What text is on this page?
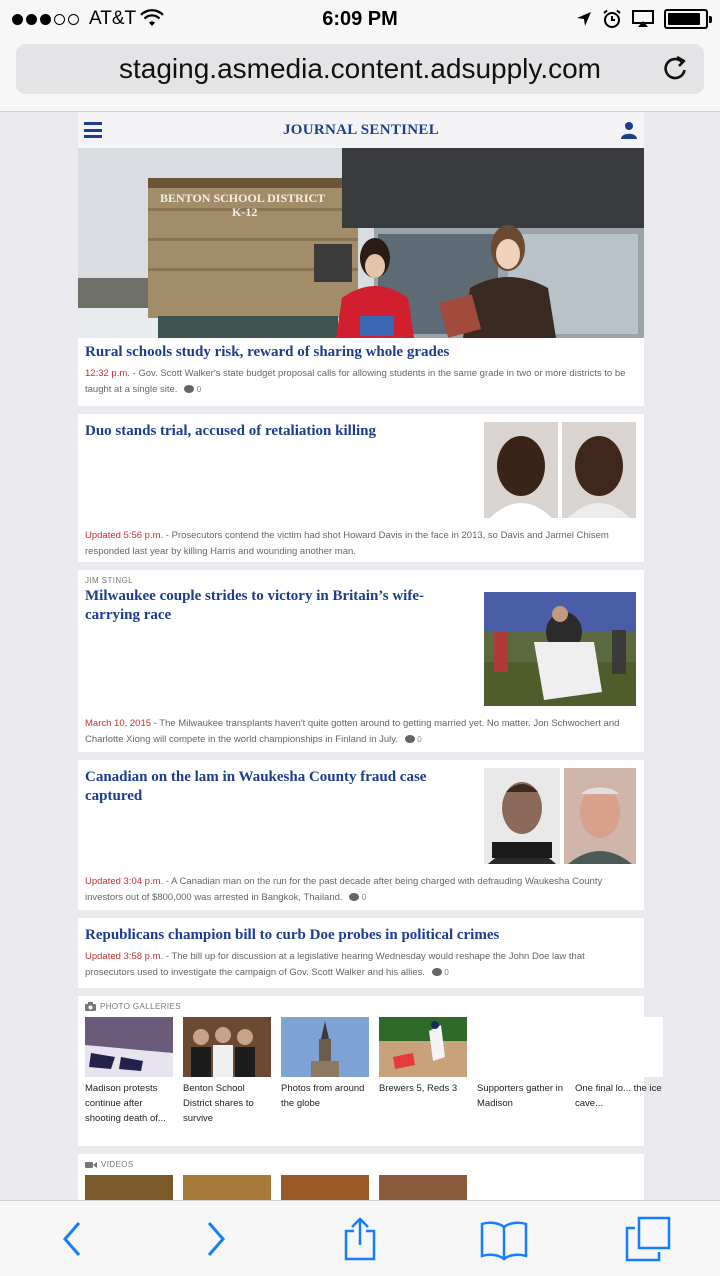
AT&T	6:09 PM
staging.asmedia.content.adsupply.com
JOURNAL SENTINEL
BENTON SCHOOL DISTRICT
K-12
Rural schools study risk, reward of sharing whole grades
12:32 p.m. - Gov. Scott Walker's state budget proposal calls for allowing students in the same grade in two or more districts to be taught at a single site. 0
Duo stands trial, accused of retaliation killing
Updated 5:56 p.m. - Prosecutors contend the victim had shot Howard Davis in the face in 2013, so Davis and Jarmel Chisem responded last year by killing Harris and wounding another man.
JIM STINGL
Milwaukee couple strides to victory in Britain’s wife-carrying race
March 10, 2015 - The Milwaukee transplants haven't quite gotten around to getting married yet. No matter. Jon Schwochert and Charlotte Xiong will compete in the world championships in Finland in July. 0
Canadian on the lam in Waukesha County fraud case captured
Updated 3:04 p.m. - A Canadian man on the run for the past decade after being charged with defrauding Waukesha County investors out of $800,000 was arrested in Bangkok, Thailand. 0
Republicans champion bill to curb Doe probes in political crimes
Updated 3:58 p.m. - The bill up for discussion at a legislative hearing Wednesday would reshape the John Doe law that prosecutors used to investigate the campaign of Gov. Scott Walker and his allies. 0
PHOTO GALLERIES
Madison protests continue after shooting death of...
Benton School District shares to survive
Photos from around the globe
Brewers 5, Reds 3	Supporters gather in Madison
One final lo... the ice cave...
VIDEOS
